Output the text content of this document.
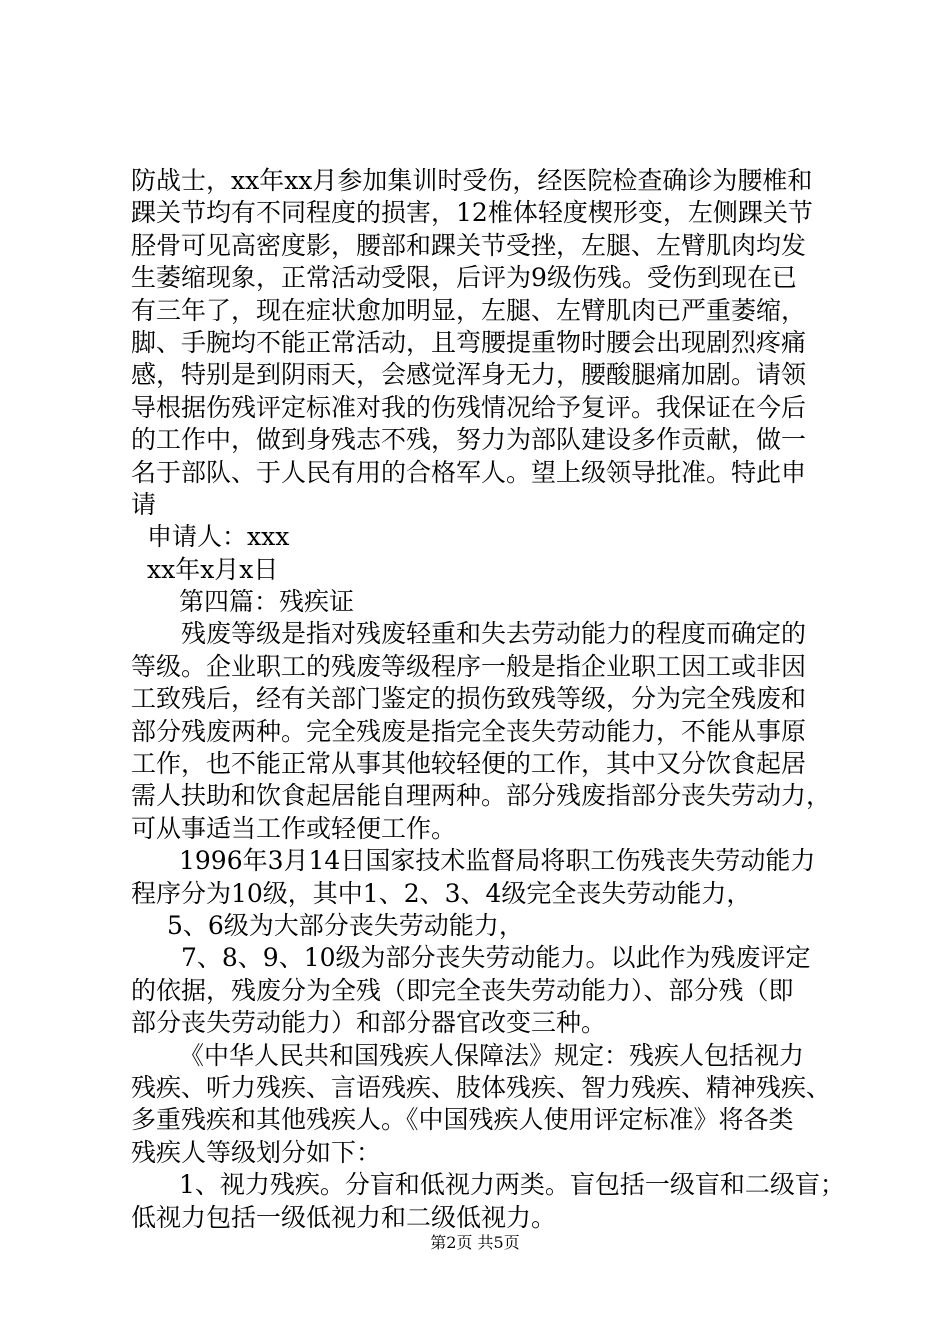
防战士，xx年xx月参加集训时受伤，经医院检查确诊为腰椎和
踝关节均有不同程度的损害，12椎体轻度楔形变，左侧踝关节
胫骨可见高密度影，腰部和踝关节受挫，左腿、左臂肌肉均发
生萎缩现象，正常活动受限，后评为9级伤残。受伤到现在已
有三年了，现在症状愈加明显，左腿、左臂肌肉已严重萎缩，
脚、手腕均不能正常活动，且弯腰提重物时腰会出现剧烈疼痛
感，特别是到阴雨天，会感觉浑身无力，腰酸腿痛加剧。请领
导根据伤残评定标准对我的伤残情况给予复评。我保证在今后
的工作中，做到身残志不残，努力为部队建设多作贡献，做一
名于部队、于人民有用的合格军人。望上级领导批准。特此申
请
申请人：xxx
xx年x月x日
第四篇：残疾证
残废等级是指对残废轻重和失去劳动能力的程度而确定的
等级。企业职工的残废等级程序一般是指企业职工因工或非因
工致残后，经有关部门鉴定的损伤致残等级，分为完全残废和
部分残废两种。完全残废是指完全丧失劳动能力，不能从事原
工作，也不能正常从事其他较轻便的工作，其中又分饮食起居
需人扶助和饮食起居能自理两种。部分残废指部分丧失劳动力，
可从事适当工作或轻便工作。
1996年3月14日国家技术监督局将职工伤残丧失劳动能力
程序分为10级，其中1、2、3、4级完全丧失劳动能力，
5、6级为大部分丧失劳动能力，
7、8、9、10级为部分丧失劳动能力。以此作为残废评定
的依据，残废分为全残（即完全丧失劳动能力）、部分残（即
部分丧失劳动能力）和部分器官改变三种。
《中华人民共和国残疾人保障法》规定：残疾人包括视力
残疾、听力残疾、言语残疾、肢体残疾、智力残疾、精神残疾、
多重残疾和其他残疾人。《中国残疾人使用评定标准》将各类
残疾人等级划分如下：
1、视力残疾。分盲和低视力两类。盲包括一级盲和二级盲；
低视力包括一级低视力和二级低视力。
第2页 共5页
